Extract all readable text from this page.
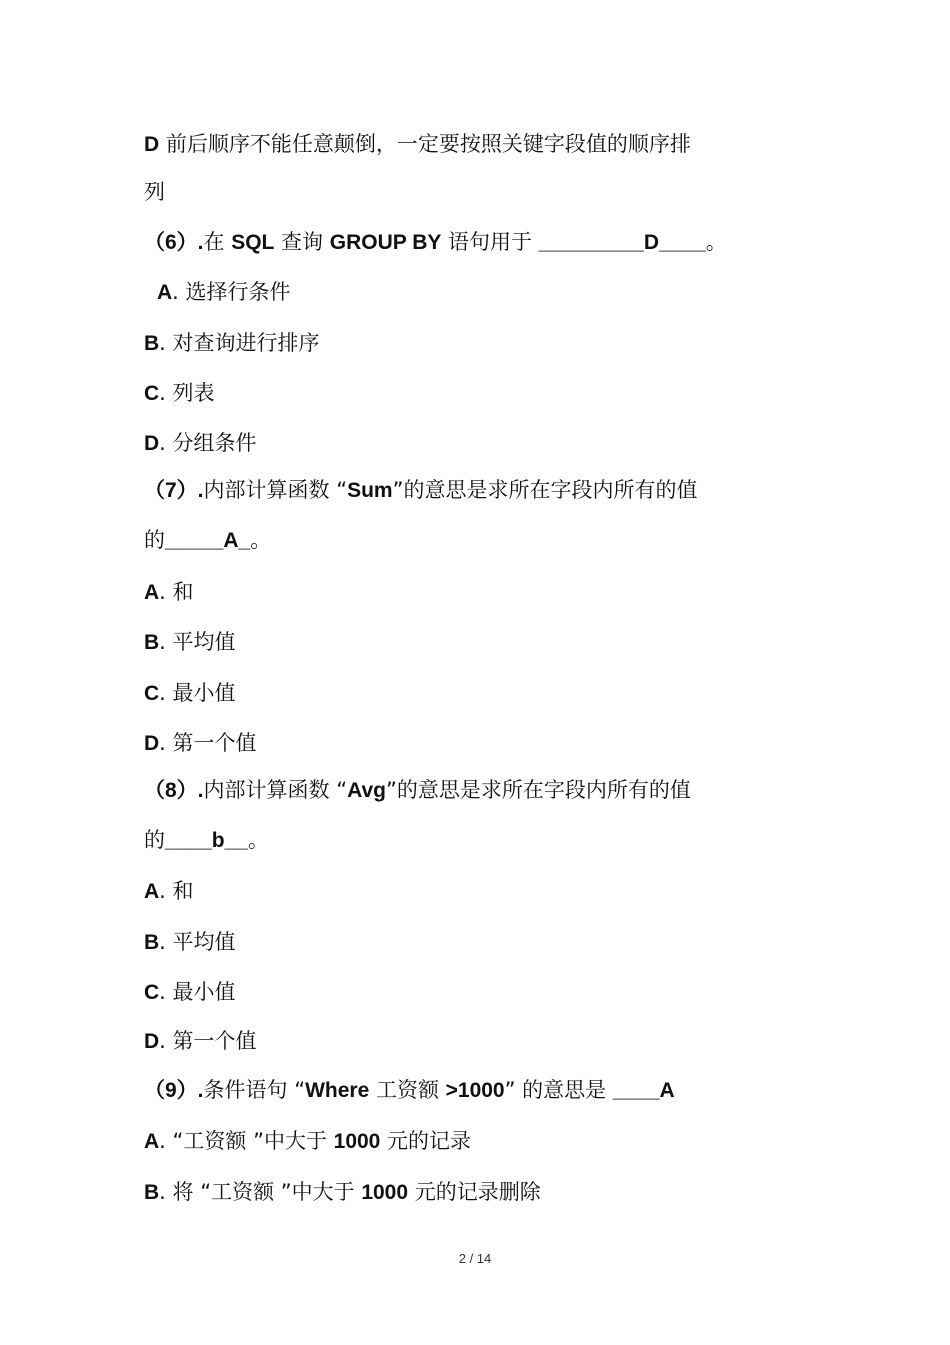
D 前后顺序不能任意颠倒，一定要按照关键字段值的顺序排
列
（6）.在 SQL 查询 GROUP BY 语句用于 _________D____。
A. 选择行条件
B. 对查询进行排序
C. 列表
D. 分组条件
（7）.内部计算函数 “Sum”的意思是求所在字段内所有的值
的_____A_。
A. 和
B. 平均值
C. 最小值
D. 第一个值
（8）.内部计算函数 “Avg”的意思是求所在字段内所有的值
的____b__。
A. 和
B. 平均值
C. 最小值
D. 第一个值
（9）.条件语句 “Where 工资额 >1000” 的意思是 ____A
A. “工资额 ”中大于 1000 元的记录
B. 将 “工资额 ”中大于 1000 元的记录删除
2 / 14
